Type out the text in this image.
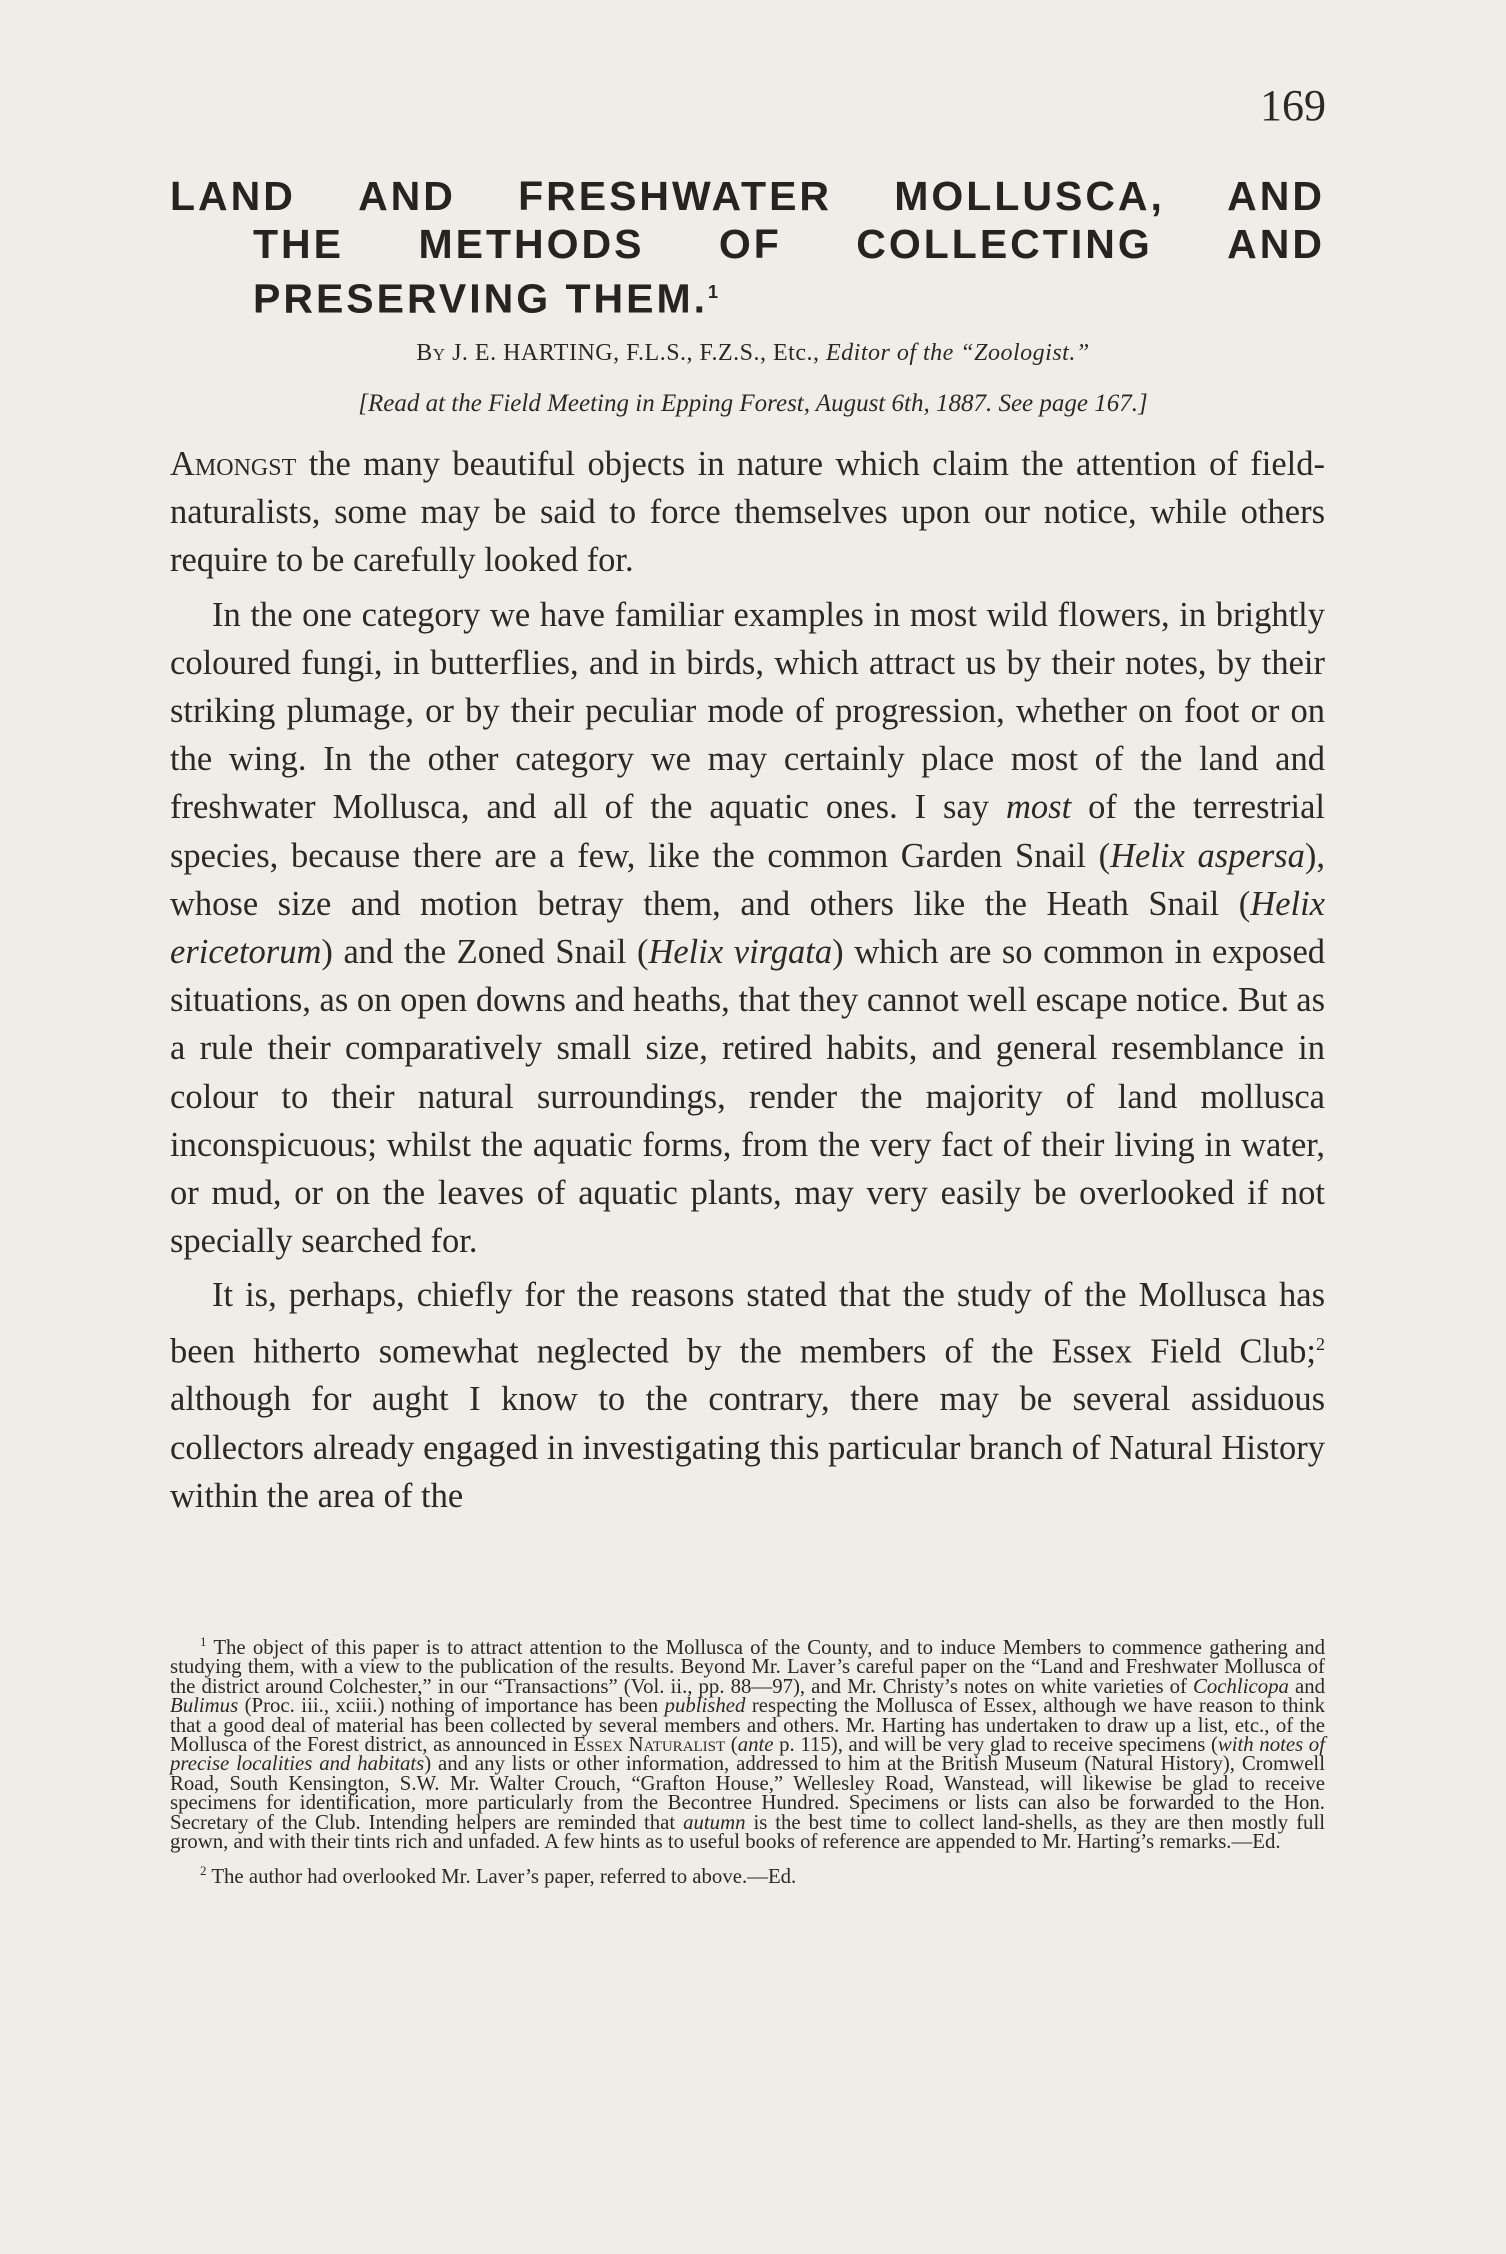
169
LAND AND FRESHWATER MOLLUSCA, AND
THE METHODS OF COLLECTING AND
PRESERVING THEM.$^1$
By J. E. HARTING, F.L.S., F.Z.S., Etc., Editor of the “Zoologist.”
[Read at the Field Meeting in Epping Forest, August 6th, 1887. See page 167.]

Amongst the many beautiful objects in nature which claim the attention of field-naturalists, some may be said to force themselves upon our notice, while others require to be carefully looked for.

In the one category we have familiar examples in most wild flowers, in brightly coloured fungi, in butterflies, and in birds, which attract us by their notes, by their striking plumage, or by their peculiar mode of progression, whether on foot or on the wing. In the other category we may certainly place most of the land and freshwater Mollusca, and all of the aquatic ones. I say most of the terrestrial species, because there are a few, like the common Garden Snail (Helix aspersa), whose size and motion betray them, and others like the Heath Snail (Helix ericetorum) and the Zoned Snail (Helix virgata) which are so common in exposed situations, as on open downs and heaths, that they cannot well escape notice. But as a rule their comparatively small size, retired habits, and general resemblance in colour to their natural surroundings, render the majority of land mollusca inconspicuous; whilst the aquatic forms, from the very fact of their living in water, or mud, or on the leaves of aquatic plants, may very easily be overlooked if not specially searched for.

It is, perhaps, chiefly for the reasons stated that the study of the Mollusca has been hitherto somewhat neglected by the members of the Essex Field Club;$^2$ although for aught I know to the contrary, there may be several assiduous collectors already engaged in investigating this particular branch of Natural History within the area of the

$^1$ The object of this paper is to attract attention to the Mollusca of the County, and to induce Members to commence gathering and studying them, with a view to the publication of the results. Beyond Mr. Laver’s careful paper on the “Land and Freshwater Mollusca of the district around Colchester,” in our “Transactions” (Vol. ii., pp. 88—97), and Mr. Christy’s notes on white varieties of Cochlicopa and Bulimus (Proc. iii., xciii.) nothing of importance has been published respecting the Mollusca of Essex, although we have reason to think that a good deal of material has been collected by several members and others. Mr. Harting has undertaken to draw up a list, etc., of the Mollusca of the Forest district, as announced in Essex Naturalist (ante p. 115), and will be very glad to receive specimens (with notes of precise localities and habitats) and any lists or other information, addressed to him at the British Museum (Natural History), Cromwell Road, South Kensington, S.W. Mr. Walter Crouch, “Grafton House,” Wellesley Road, Wanstead, will likewise be glad to receive specimens for identification, more particularly from the Becontree Hundred. Specimens or lists can also be forwarded to the Hon. Secretary of the Club. Intending helpers are reminded that autumn is the best time to collect land-shells, as they are then mostly full grown, and with their tints rich and unfaded. A few hints as to useful books of reference are appended to Mr. Harting’s remarks.—Ed.

$^2$ The author had overlooked Mr. Laver’s paper, referred to above.—Ed.
